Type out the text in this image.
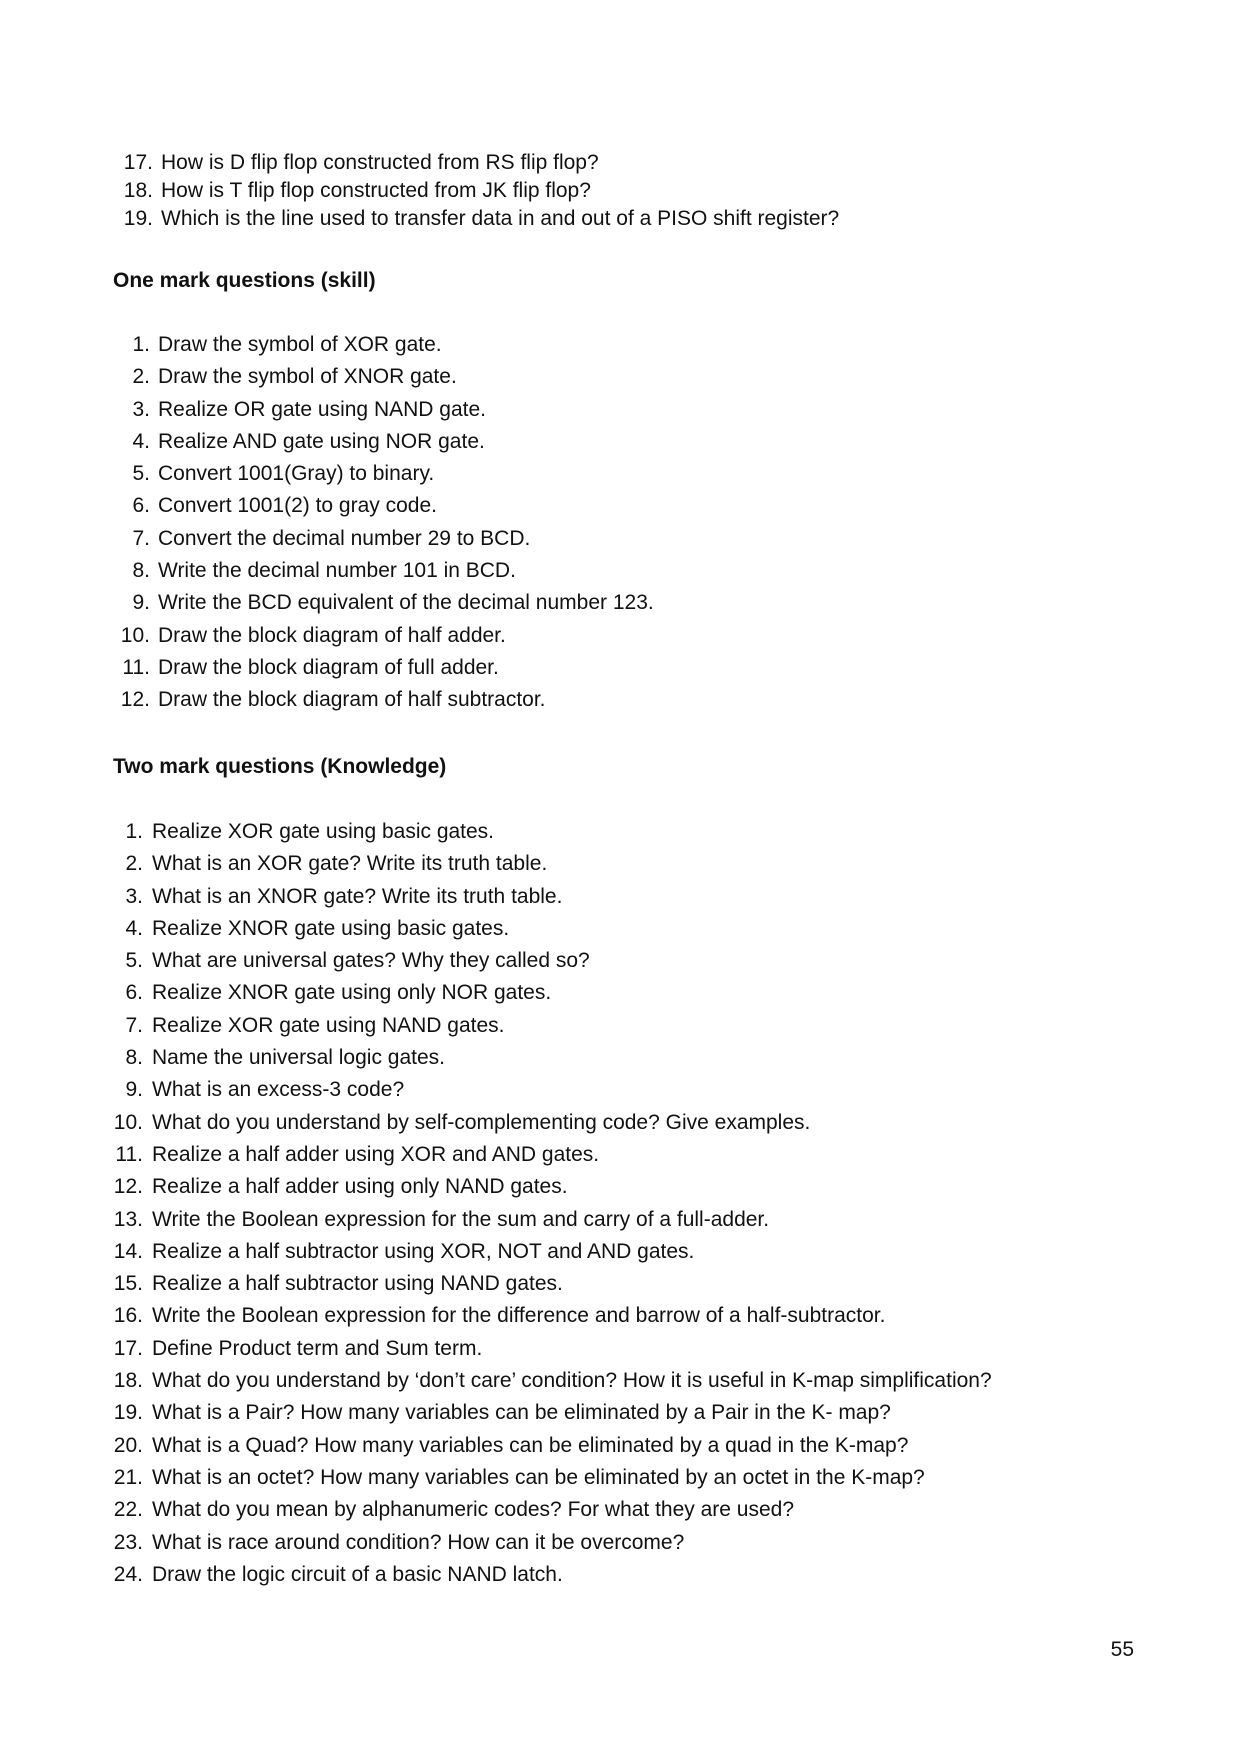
17. How is D flip flop constructed from RS flip flop?
18. How is T flip flop constructed from JK flip flop?
19. Which is the line used to transfer data in and out of a PISO shift register?
One mark questions (skill)
1. Draw the symbol of XOR gate.
2. Draw the symbol of XNOR gate.
3. Realize OR gate using NAND gate.
4. Realize AND gate using NOR gate.
5. Convert 1001(Gray) to binary.
6. Convert 1001(2) to gray code.
7. Convert the decimal number 29 to BCD.
8. Write the decimal number 101 in BCD.
9. Write the BCD equivalent of the decimal number 123.
10. Draw the block diagram of half adder.
11. Draw the block diagram of full adder.
12. Draw the block diagram of half subtractor.
Two mark questions (Knowledge)
1. Realize XOR gate using basic gates.
2. What is an XOR gate? Write its truth table.
3. What is an XNOR gate? Write its truth table.
4. Realize XNOR gate using basic gates.
5. What are universal gates? Why they called so?
6. Realize XNOR gate using only NOR gates.
7. Realize XOR gate using NAND gates.
8. Name the universal logic gates.
9. What is an excess-3 code?
10. What do you understand by self-complementing code? Give examples.
11. Realize a half adder using XOR and AND gates.
12. Realize a half adder using only NAND gates.
13. Write the Boolean expression for the sum and carry of a full-adder.
14. Realize a half subtractor using XOR, NOT and AND gates.
15. Realize a half subtractor using NAND gates.
16. Write the Boolean expression for the difference and barrow of a half-subtractor.
17. Define Product term and Sum term.
18. What do you understand by ‘don’t care’ condition? How it is useful in K-map simplification?
19. What is a Pair? How many variables can be eliminated by a Pair in the K- map?
20. What is a Quad? How many variables can be eliminated by a quad in the K-map?
21. What is an octet? How many variables can be eliminated by an octet in the K-map?
22. What do you mean by alphanumeric codes? For what they are used?
23. What is race around condition? How can it be overcome?
24. Draw the logic circuit of a basic NAND latch.
55
